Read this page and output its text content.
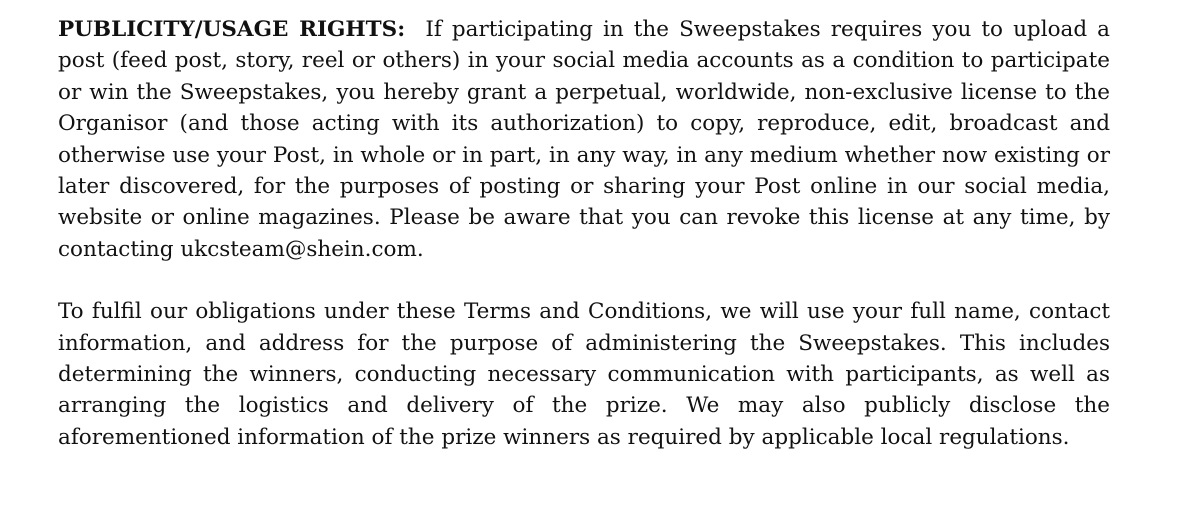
PUBLICITY/USAGE RIGHTS: If participating in the Sweepstakes requires you to upload a post (feed post, story, reel or others) in your social media accounts as a condition to participate or win the Sweepstakes, you hereby grant a perpetual, worldwide, non-exclusive license to the Organisor (and those acting with its authorization) to copy, reproduce, edit, broadcast and otherwise use your Post, in whole or in part, in any way, in any medium whether now existing or later discovered, for the purposes of posting or sharing your Post online in our social media, website or online magazines. Please be aware that you can revoke this license at any time, by contacting ukcsteam@shein.com.

To fulfil our obligations under these Terms and Conditions, we will use your full name, contact information, and address for the purpose of administering the Sweepstakes. This includes determining the winners, conducting necessary communication with participants, as well as arranging the logistics and delivery of the prize. We may also publicly disclose the aforementioned information of the prize winners as required by applicable local regulations.
